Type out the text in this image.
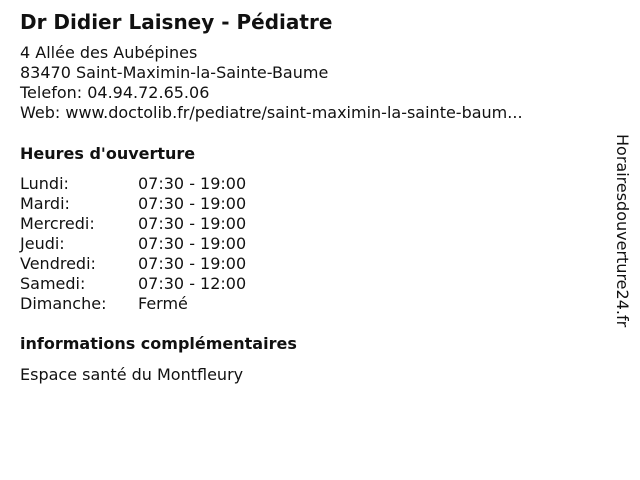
Dr Didier Laisney - Pédiatre
4 Allée des Aubépines
83470 Saint-Maximin-la-Sainte-Baume
Telefon: 04.94.72.65.06
Web: www.doctolib.fr/pediatre/saint-maximin-la-sainte-baum...
Heures d'ouverture
Lundi:	07:30 - 19:00
Mardi:	07:30 - 19:00
Mercredi:	07:30 - 19:00
Jeudi:	07:30 - 19:00
Vendredi:	07:30 - 19:00
Samedi:	07:30 - 12:00
Dimanche:	Fermé
informations complémentaires
Espace santé du Montfleury
Horairesdouverture24.fr
